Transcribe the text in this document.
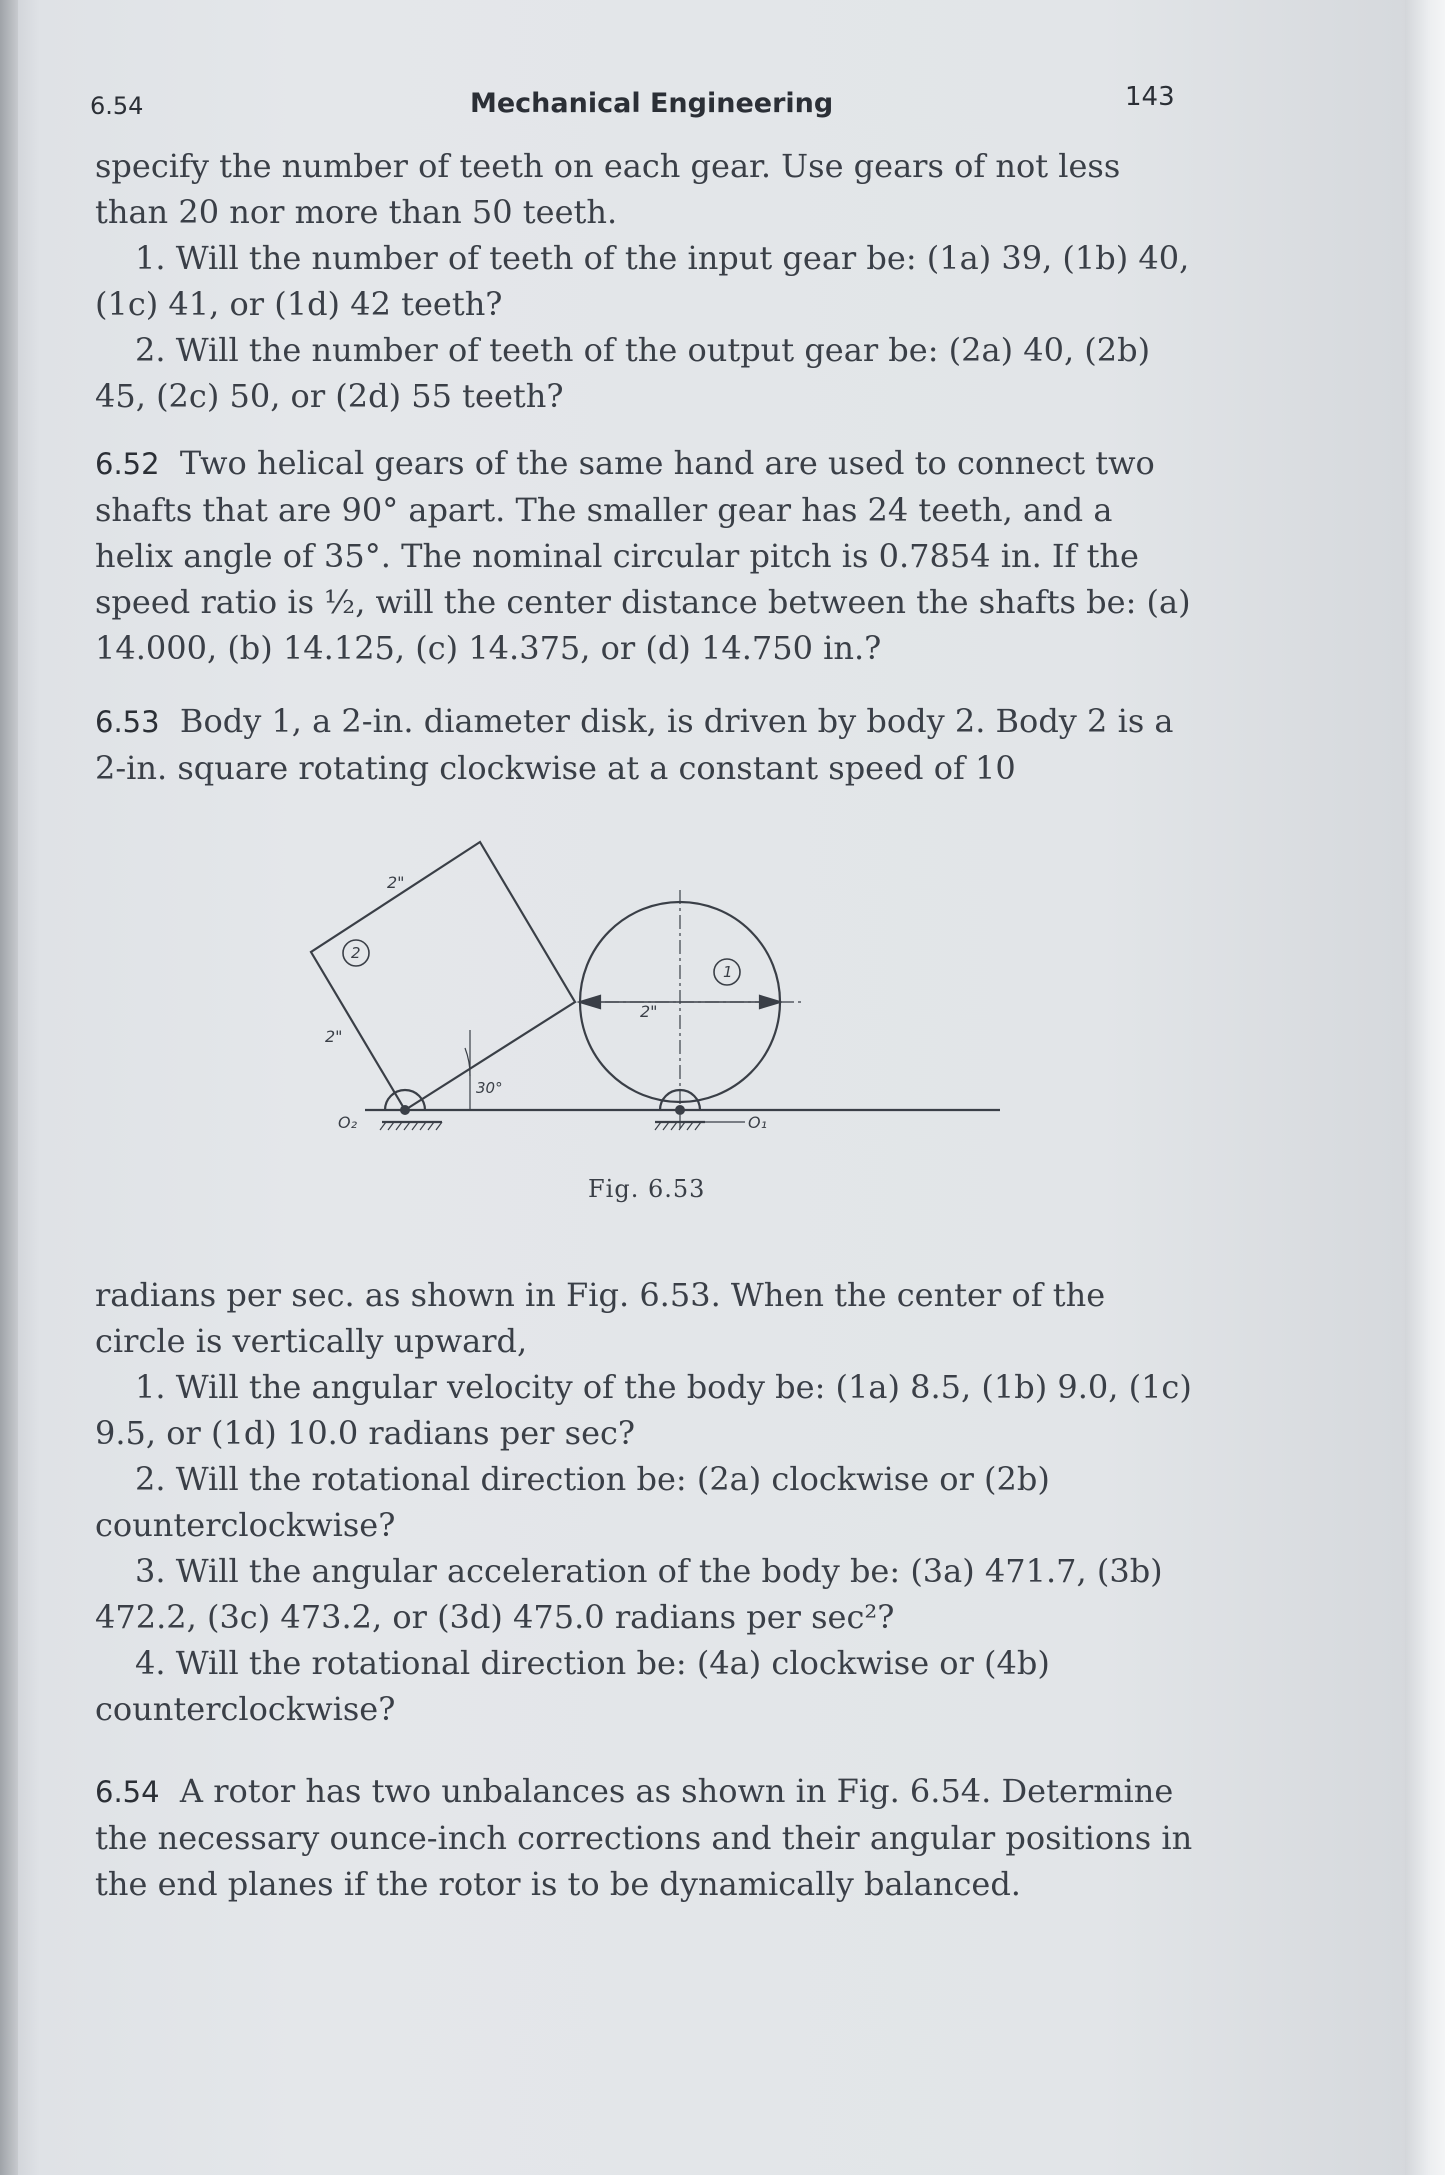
6.54	Mechanical Engineering	143

specify the number of teeth on each gear. Use gears of not less than 20 nor more than 50 teeth.

1. Will the number of teeth of the input gear be: (1a) 39, (1b) 40, (1c) 41, or (1d) 42 teeth?

2. Will the number of teeth of the output gear be: (2a) 40, (2b) 45, (2c) 50, or (2d) 55 teeth?

6.52 Two helical gears of the same hand are used to connect two shafts that are 90° apart. The smaller gear has 24 teeth, and a helix angle of 35°. The nominal circular pitch is 0.7854 in. If the speed ratio is ½, will the center distance between the shafts be: (a) 14.000, (b) 14.125, (c) 14.375, or (d) 14.750 in.?

6.53 Body 1, a 2-in. diameter disk, is driven by body 2. Body 2 is a 2-in. square rotating clockwise at a constant speed of 10

2"
2"
2"
30°
2
1
O₂	O₁
Fig. 6.53

radians per sec. as shown in Fig. 6.53. When the center of the circle is vertically upward,

1. Will the angular velocity of the body be: (1a) 8.5, (1b) 9.0, (1c) 9.5, or (1d) 10.0 radians per sec?

2. Will the rotational direction be: (2a) clockwise or (2b) counterclockwise?

3. Will the angular acceleration of the body be: (3a) 471.7, (3b) 472.2, (3c) 473.2, or (3d) 475.0 radians per sec²?

4. Will the rotational direction be: (4a) clockwise or (4b) counterclockwise?

6.54 A rotor has two unbalances as shown in Fig. 6.54. Determine the necessary ounce-inch corrections and their angular positions in the end planes if the rotor is to be dynamically balanced.
